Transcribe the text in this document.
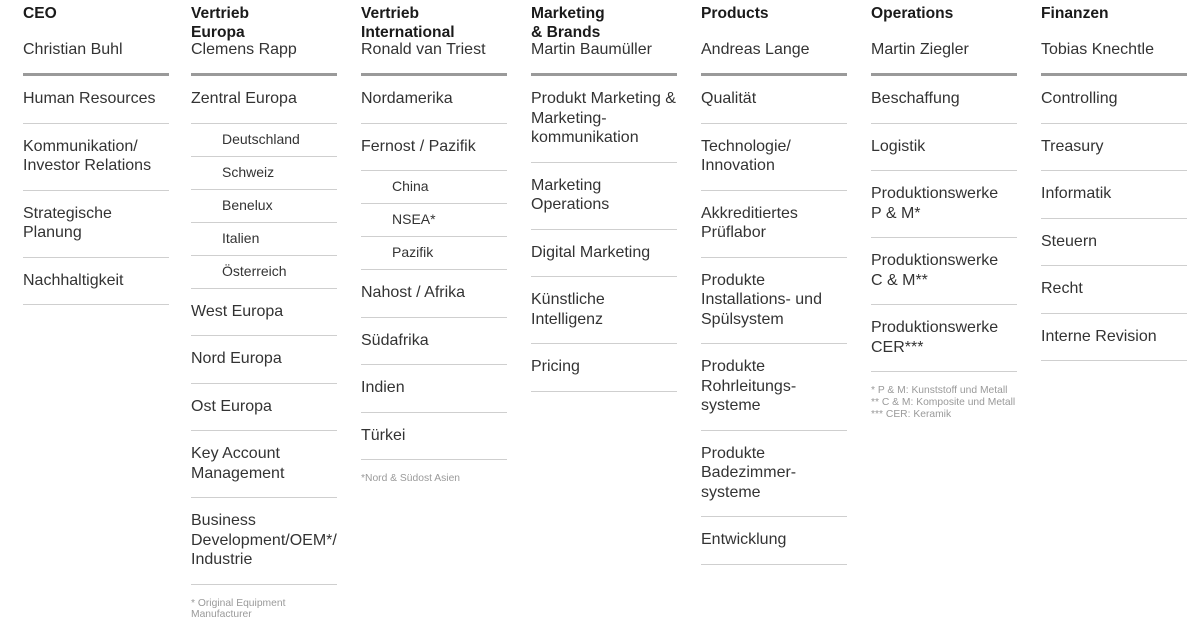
CEO
Christian Buhl
Human Resources
Kommunikation/
Investor Relations
Strategische
Planung
Nachhaltigkeit
Vertrieb
Europa
Clemens Rapp
Zentral Europa
Deutschland
Schweiz
Benelux
Italien
Österreich
West Europa
Nord Europa
Ost Europa
Key Account
Management
Business
Development/OEM*/
Industrie
* Original Equipment
Manufacturer
Vertrieb
International
Ronald van Triest
Nordamerika
Fernost / Pazifik
China
NSEA*
Pazifik
Nahost / Afrika
Südafrika
Indien
Türkei
*Nord & Südost Asien
Marketing
& Brands
Martin Baumüller
Produkt Marketing &
Marketing-
kommunikation
Marketing
Operations
Digital Marketing
Künstliche
Intelligenz
Pricing
Products
Andreas Lange
Qualität
Technologie/
Innovation
Akkreditiertes
Prüflabor
Produkte
Installations- und
Spülsystem
Produkte
Rohrleitungs-
systeme
Produkte
Badezimmer-
systeme
Entwicklung
Operations
Martin Ziegler
Beschaffung
Logistik
Produktionswerke
P & M*
Produktionswerke
C & M**
Produktionswerke
CER***
* P & M: Kunststoff und Metall
** C & M: Komposite und Metall
*** CER: Keramik
Finanzen
Tobias Knechtle
Controlling
Treasury
Informatik
Steuern
Recht
Interne Revision
